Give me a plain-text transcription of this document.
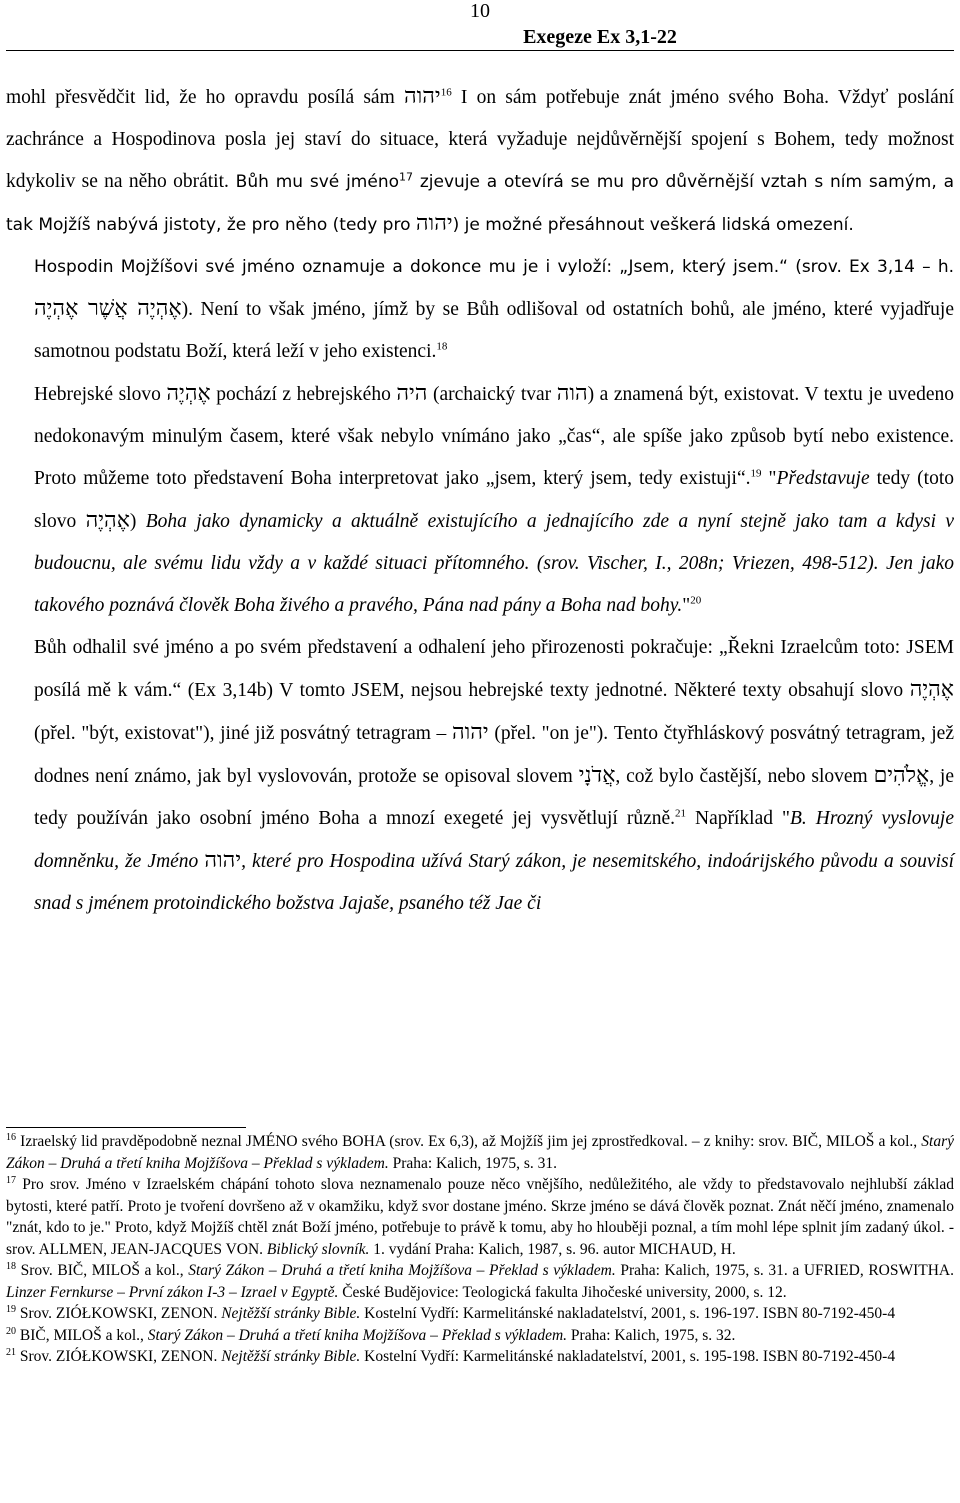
10
Exegeze Ex 3,1-22

mohl přesvědčit lid, že ho opravdu posílá sám יהוה$^{16}$ I on sám potřebuje znát jméno svého Boha. Vždyť poslání zachránce a Hospodinova posla jej staví do situace, která vyžaduje nejdůvěrnější spojení s Bohem, tedy možnost kdykoliv se na něho obrátit. Bůh mu své jméno$^{17}$ zjevuje a otevírá se mu pro důvěrnější vztah s ním samým, a tak Mojžíš nabývá jistoty, že pro něho (tedy pro יהוה) je možné přesáhnout veškerá lidská omezení.

Hospodin Mojžíšovi své jméno oznamuje a dokonce mu je i vyloží: „Jsem, který jsem.“ (srov. Ex 3,14 – h. אֶהְיֶה אֲשֶׁר אֶהְיֶה). Není to však jméno, jímž by se Bůh odlišoval od ostatních bohů, ale jméno, které vyjadřuje samotnou podstatu Boží, která leží v jeho existenci.$^{18}$

Hebrejské slovo אֶהְיֶה pochází z hebrejského היה (archaický tvar הוה) a znamená být, existovat. V textu je uvedeno nedokonavým minulým časem, které však nebylo vnímáno jako „čas“, ale spíše jako způsob bytí nebo existence. Proto můžeme toto představení Boha interpretovat jako „jsem, který jsem, tedy existuji“.$^{19}$ "Představuje tedy (toto slovo אֶהְיֶה) Boha jako dynamicky a aktuálně existujícího a jednajícího zde a nyní stejně jako tam a kdysi v budoucnu, ale svému lidu vždy a v každé situaci přítomného. (srov. Vischer, I., 208n; Vriezen, 498-512). Jen jako takového poznává člověk Boha živého a pravého, Pána nad pány a Boha nad bohy."$^{20}$

Bůh odhalil své jméno a po svém představení a odhalení jeho přirozenosti pokračuje: „Řekni Izraelcům toto: JSEM posílá mě k vám.“ (Ex 3,14b) V tomto JSEM, nejsou hebrejské texty jednotné. Některé texty obsahují slovo אֶהְיֶה (přel. "být, existovat"), jiné již posvátný tetragram – יהוה (přel. "on je"). Tento čtyřhláskový posvátný tetragram, jež dodnes není známo, jak byl vyslovován, protože se opisoval slovem אֲדֹנָי, což bylo častější, nebo slovem אֱלֹהִים, je tedy používán jako osobní jméno Boha a mnozí exegeté jej vysvětlují různě.$^{21}$ Například "B. Hrozný vyslovuje domněnku, že Jméno יהוה, které pro Hospodina užívá Starý zákon, je nesemitského, indoárijského původu a souvisí snad s jménem protoindického božstva Jajaše, psaného též Jae či

$^{16}$ Izraelský lid pravděpodobně neznal JMÉNO svého BOHA (srov. Ex 6,3), až Mojžíš jim jej zprostředkoval. – z knihy: srov. BIČ, MILOŠ a kol., Starý Zákon – Druhá a třetí kniha Mojžíšova – Překlad s výkladem. Praha: Kalich, 1975, s. 31.

$^{17}$ Pro srov. Jméno v Izraelském chápání tohoto slova neznamenalo pouze něco vnějšího, nedůležitého, ale vždy to představovalo nejhlubší základ bytosti, které patří. Proto je tvoření dovršeno až v okamžiku, když svor dostane jméno. Skrze jméno se dává člověk poznat. Znát něčí jméno, znamenalo "znát, kdo to je." Proto, když Mojžíš chtěl znát Boží jméno, potřebuje to právě k tomu, aby ho hlouběji poznal, a tím mohl lépe splnit jím zadaný úkol. - srov. ALLMEN, JEAN-JACQUES VON. Biblický slovník. 1. vydání Praha: Kalich, 1987, s. 96. autor MICHAUD, H.

$^{18}$ Srov. BIČ, MILOŠ a kol., Starý Zákon – Druhá a třetí kniha Mojžíšova – Překlad s výkladem. Praha: Kalich, 1975, s. 31. a UFRIED, ROSWITHA. Linzer Fernkurse – První zákon I-3 – Izrael v Egyptě. České Budějovice: Teologická fakulta Jihočeské university, 2000, s. 12.

$^{19}$ Srov. ZIÓŁKOWSKI, ZENON. Nejtěžší stránky Bible. Kostelní Vydří: Karmelitánské nakladatelství, 2001, s. 196-197. ISBN 80-7192-450-4

$^{20}$ BIČ, MILOŠ a kol., Starý Zákon – Druhá a třetí kniha Mojžíšova – Překlad s výkladem. Praha: Kalich, 1975, s. 32.

$^{21}$ Srov. ZIÓŁKOWSKI, ZENON. Nejtěžší stránky Bible. Kostelní Vydří: Karmelitánské nakladatelství, 2001, s. 195-198. ISBN 80-7192-450-4
